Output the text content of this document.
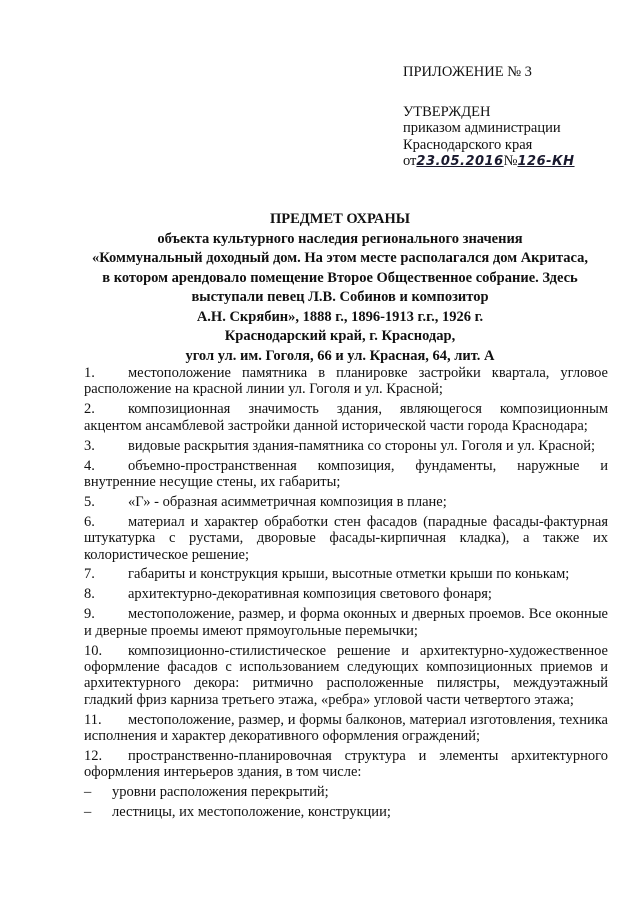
ПРИЛОЖЕНИЕ № 3
УТВЕРЖДЕН
приказом администрации
Краснодарского края
от23.05.2016№126-КН
ПРЕДМЕТ ОХРАНЫ
объекта культурного наследия регионального значения
«Коммунальный доходный дом. На этом месте располагался дом Акритаса,
в котором арендовало помещение Второе Общественное собрание. Здесь
выступали певец Л.В. Собинов и композитор
А.Н. Скрябин», 1888 г., 1896-1913 г.г., 1926 г.
Краснодарский край, г. Краснодар,
угол ул. им. Гоголя, 66 и ул. Красная, 64, лит. А
1. местоположение памятника в планировке застройки квартала, угловое расположение на красной линии ул. Гоголя и ул. Красной;
2. композиционная значимость здания, являющегося композиционным акцентом ансамблевой застройки данной исторической части города Краснодара;
3. видовые раскрытия здания-памятника со стороны ул. Гоголя и ул. Красной;
4. объемно-пространственная композиция, фундаменты, наружные и внутренние несущие стены, их габариты;
5. «Г» - образная асимметричная композиция в плане;
6. материал и характер обработки стен фасадов (парадные фасады-фактурная штукатурка с рустами, дворовые фасады-кирпичная кладка), а также их колористическое решение;
7. габариты и конструкция крыши, высотные отметки крыши по конькам;
8. архитектурно-декоративная композиция светового фонаря;
9. местоположение, размер, и форма оконных и дверных проемов. Все оконные и дверные проемы имеют прямоугольные перемычки;
10. композиционно-стилистическое решение и архитектурно-художественное оформление фасадов с использованием следующих композиционных приемов и архитектурного декора: ритмично расположенные пилястры, междуэтажный гладкий фриз карниза третьего этажа, «ребра» угловой части четвертого этажа;
11. местоположение, размер, и формы балконов, материал изготовления, техника исполнения и характер декоративного оформления ограждений;
12. пространственно-планировочная структура и элементы архитектурного оформления интерьеров здания, в том числе:
– уровни расположения перекрытий;
– лестницы, их местоположение, конструкции;
